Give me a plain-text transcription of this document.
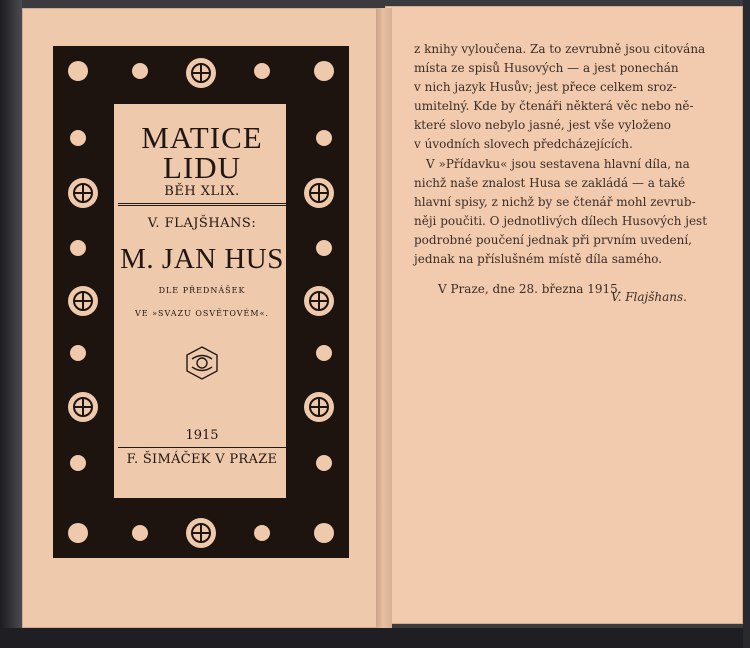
MATICE
LIDU
BĚH XLIX.
V. FLAJŠHANS:
M. JAN HUS
DLE PŘEDNÁŠEK
VE »SVAZU OSVĚTOVÉM«.
1915
F. ŠIMÁČEK V PRAZE

z knihy vyloučena. Za to zevrubně jsou citována

místa ze spisů Husových — a jest ponechán

v nich jazyk Husův; jest přece celkem sroz-

umitelný. Kde by čtenáři některá věc nebo ně-

které slovo nebylo jasné, jest vše vyloženo

v úvodních slovech předcházejících.

V »Přídavku« jsou sestavena hlavní díla, na

nichž naše znalost Husa se zakládá — a také

hlavní spisy, z nichž by se čtenář mohl zevrub-

něji poučiti. O jednotlivých dílech Husových jest

podrobné poučení jednak při prvním uvedení,

jednak na příslušném místě díla samého.

V Praze, dne 28. března 1915.

V. Flajšhans.
